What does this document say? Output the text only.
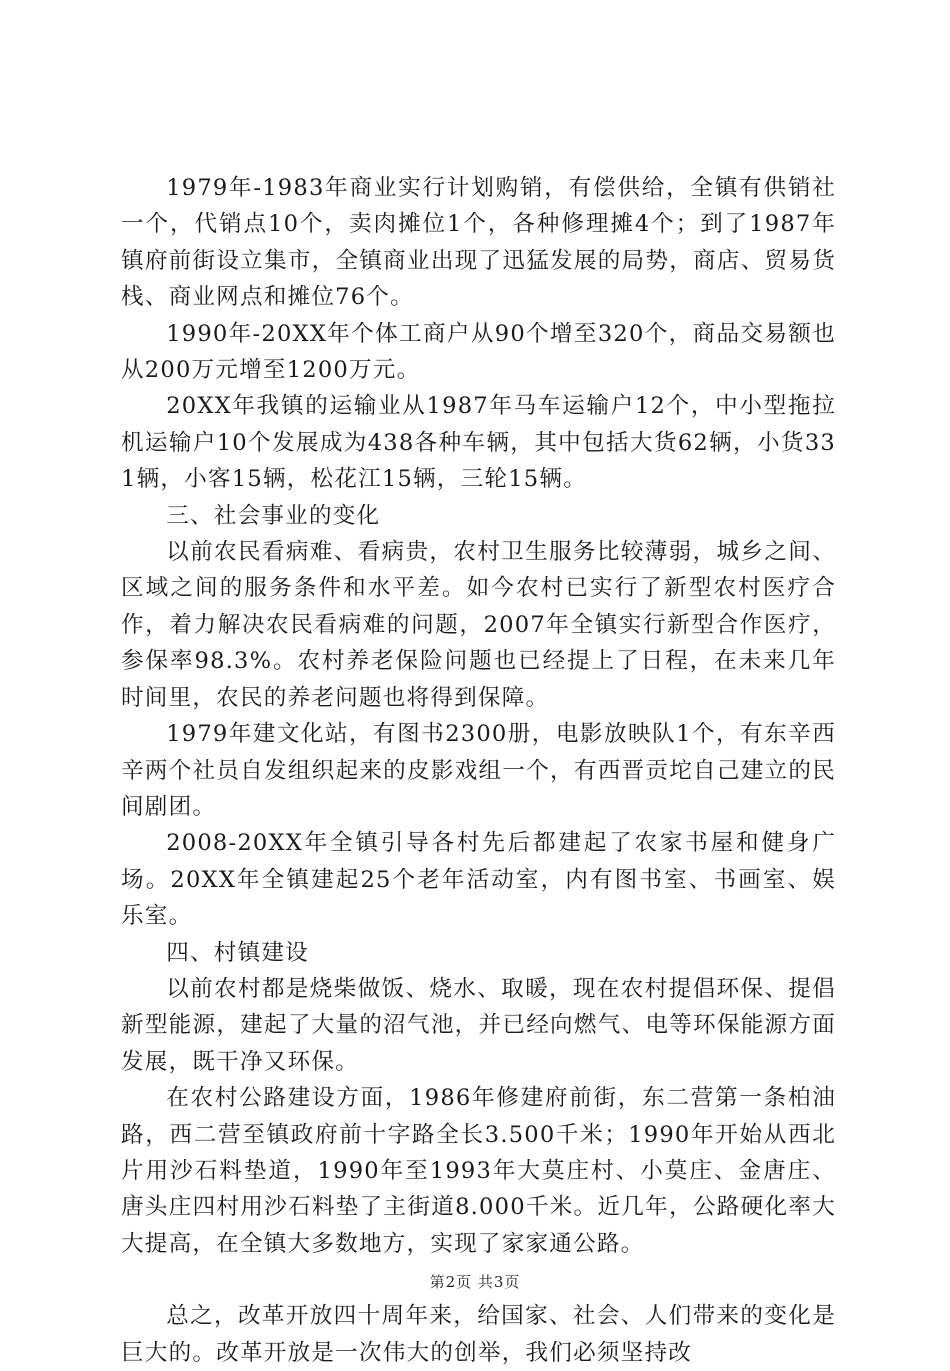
1979年-1983年商业实行计划购销，有偿供给，全镇有供销社一个，代销点10个，卖肉摊位1个，各种修理摊4个；到了1987年镇府前街设立集市，全镇商业出现了迅猛发展的局势，商店、贸易货栈、商业网点和摊位76个。

1990年-20XX年个体工商户从90个增至320个，商品交易额也从200万元增至1200万元。

20XX年我镇的运输业从1987年马车运输户12个，中小型拖拉机运输户10个发展成为438各种车辆，其中包括大货62辆，小货331辆，小客15辆，松花江15辆，三轮15辆。

三、社会事业的变化

以前农民看病难、看病贵，农村卫生服务比较薄弱，城乡之间、区域之间的服务条件和水平差。如今农村已实行了新型农村医疗合作，着力解决农民看病难的问题，2007年全镇实行新型合作医疗，参保率98.3%。农村养老保险问题也已经提上了日程，在未来几年时间里，农民的养老问题也将得到保障。

1979年建文化站，有图书2300册，电影放映队1个，有东辛西辛两个社员自发组织起来的皮影戏组一个，有西晋贡坨自己建立的民间剧团。

2008-20XX年全镇引导各村先后都建起了农家书屋和健身广场。20XX年全镇建起25个老年活动室，内有图书室、书画室、娱乐室。

四、村镇建设

以前农村都是烧柴做饭、烧水、取暖，现在农村提倡环保、提倡新型能源，建起了大量的沼气池，并已经向燃气、电等环保能源方面发展，既干净又环保。

在农村公路建设方面，1986年修建府前街，东二营第一条柏油路，西二营至镇政府前十字路全长3.500千米；1990年开始从西北片用沙石料垫道，1990年至1993年大莫庄村、小莫庄、金唐庄、唐头庄四村用沙石料垫了主街道8.000千米。近几年，公路硬化率大大提高，在全镇大多数地方，实现了家家通公路。

总之，改革开放四十周年来，给国家、社会、人们带来的变化是巨大的。改革开放是一次伟大的创举，我们必须坚持改

第2页 共3页
